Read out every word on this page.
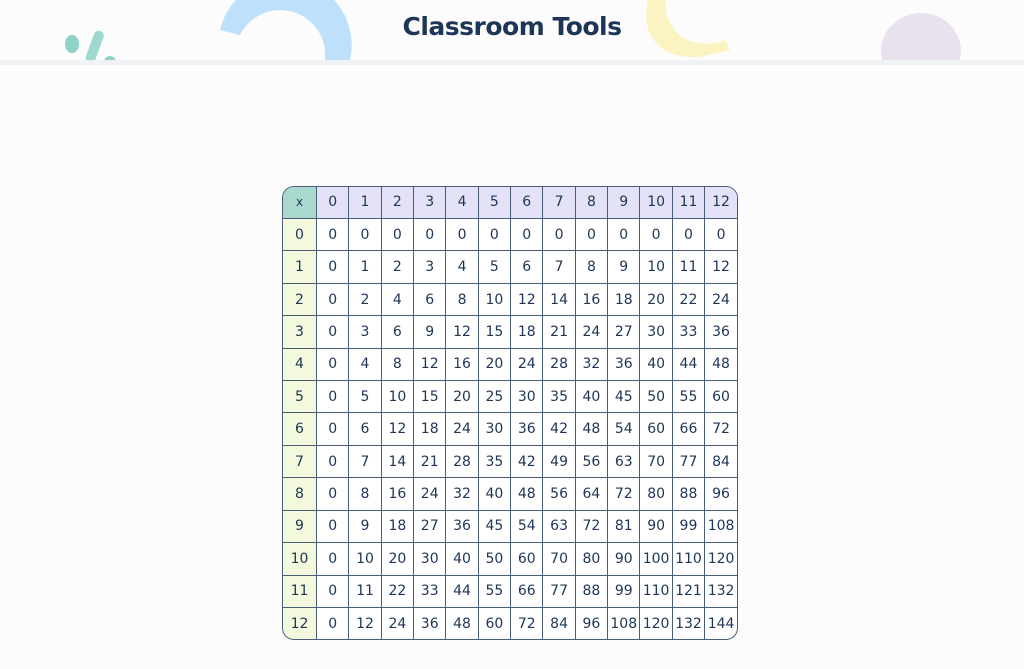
Classroom Tools
x	0	1	2	3	4	5	6	7	8	9	10	11	12
0	0	0	0	0	0	0	0	0	0	0	0	0	0
1	0	1	2	3	4	5	6	7	8	9	10	11	12
2	0	2	4	6	8	10	12	14	16	18	20	22	24
3	0	3	6	9	12	15	18	21	24	27	30	33	36
4	0	4	8	12	16	20	24	28	32	36	40	44	48
5	0	5	10	15	20	25	30	35	40	45	50	55	60
6	0	6	12	18	24	30	36	42	48	54	60	66	72
7	0	7	14	21	28	35	42	49	56	63	70	77	84
8	0	8	16	24	32	40	48	56	64	72	80	88	96
9	0	9	18	27	36	45	54	63	72	81	90	99	108
10	0	10	20	30	40	50	60	70	80	90	100	110	120
11	0	11	22	33	44	55	66	77	88	99	110	121	132
12	0	12	24	36	48	60	72	84	96	108	120	132	144
